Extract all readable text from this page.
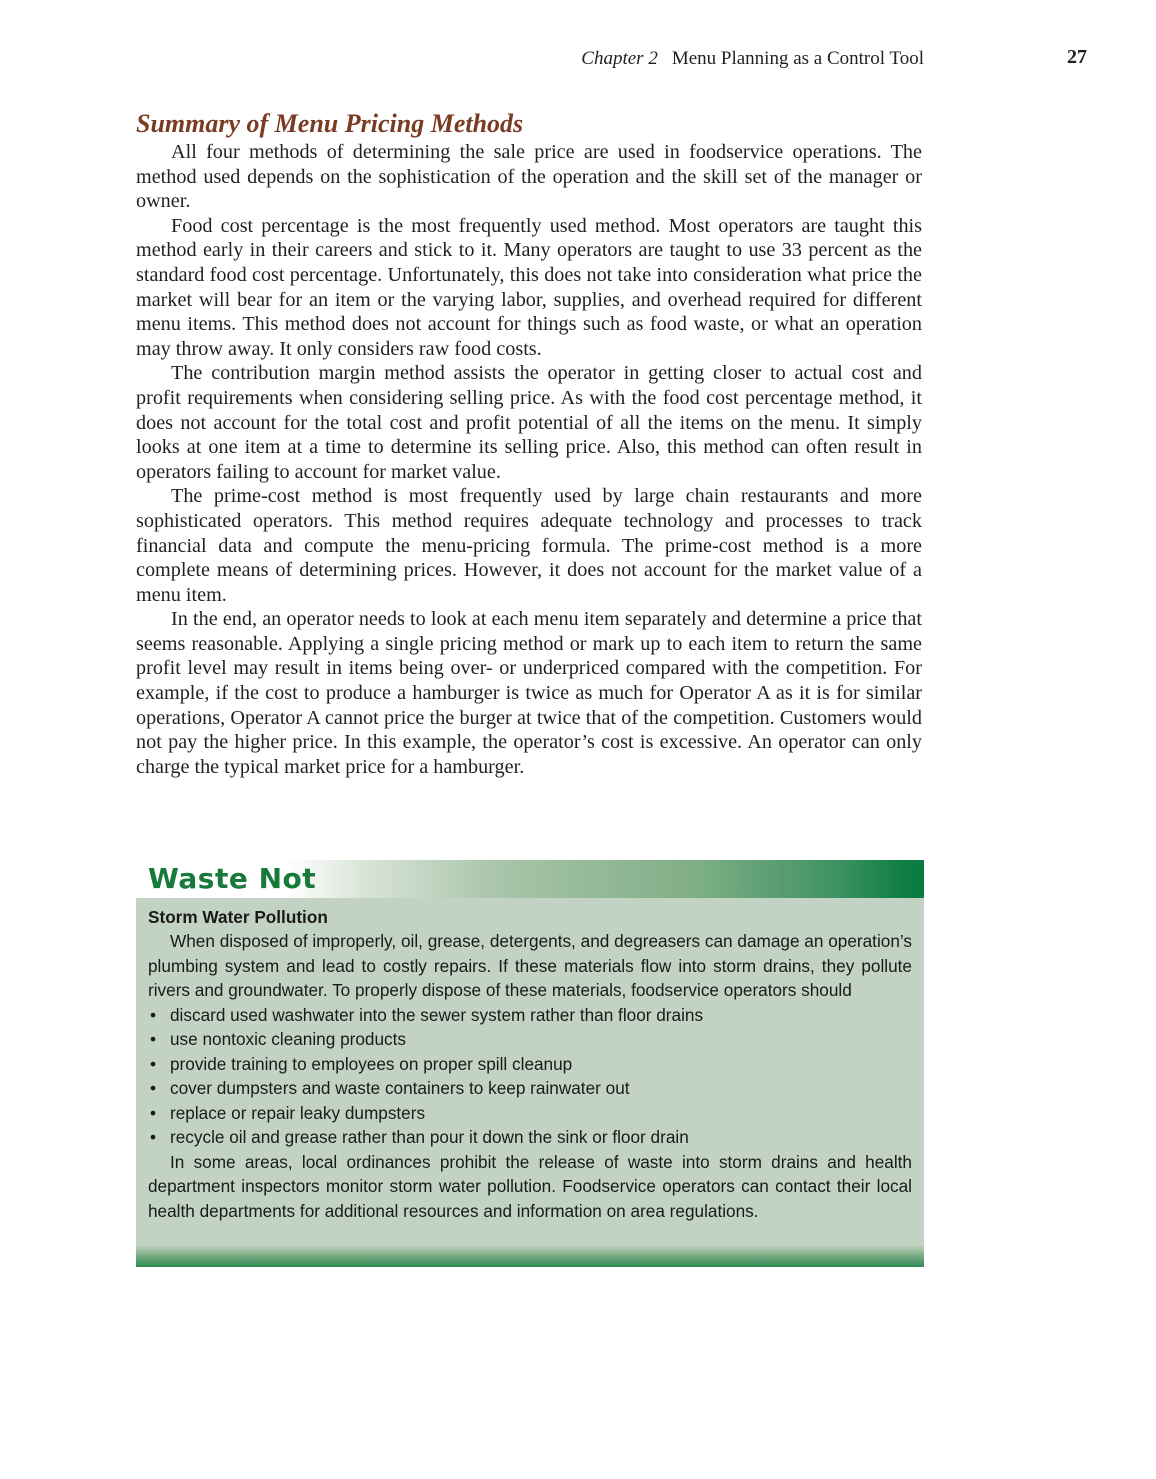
Chapter 2 Menu Planning as a Control Tool	27
Summary of Menu Pricing Methods

All four methods of determining the sale price are used in foodservice operations. The method used depends on the sophistication of the operation and the skill set of the manager or owner.

Food cost percentage is the most frequently used method. Most operators are taught this method early in their careers and stick to it. Many operators are taught to use 33 percent as the standard food cost percentage. Unfortunately, this does not take into consideration what price the market will bear for an item or the varying labor, supplies, and overhead required for different menu items. This method does not account for things such as food waste, or what an operation may throw away. It only considers raw food costs.

The contribution margin method assists the operator in getting closer to actual cost and profit requirements when considering selling price. As with the food cost percentage method, it does not account for the total cost and profit potential of all the items on the menu. It simply looks at one item at a time to determine its selling price. Also, this method can often result in operators failing to account for market value.

The prime-cost method is most frequently used by large chain restaurants and more sophisticated operators. This method requires adequate technology and processes to track financial data and compute the menu-pricing formula. The prime-cost method is a more complete means of determining prices. However, it does not account for the market value of a menu item.

In the end, an operator needs to look at each menu item separately and determine a price that seems reasonable. Applying a single pricing method or mark up to each item to return the same profit level may result in items being over- or underpriced compared with the competition. For example, if the cost to produce a hamburger is twice as much for Operator A as it is for similar operations, Operator A cannot price the burger at twice that of the competition. Customers would not pay the higher price. In this example, the operator’s cost is excessive. An operator can only charge the typical market price for a hamburger.

Waste Not
Storm Water Pollution

When disposed of improperly, oil, grease, detergents, and degreasers can damage an operation’s plumbing system and lead to costly repairs. If these materials flow into storm drains, they pollute rivers and groundwater. To properly dispose of these materials, foodservice operators should

• discard used washwater into the sewer system rather than floor drains
• use nontoxic cleaning products
• provide training to employees on proper spill cleanup
• cover dumpsters and waste containers to keep rainwater out
• replace or repair leaky dumpsters
• recycle oil and grease rather than pour it down the sink or floor drain

In some areas, local ordinances prohibit the release of waste into storm drains and health department inspectors monitor storm water pollution. Foodservice operators can contact their local health departments for additional resources and information on area regulations.
